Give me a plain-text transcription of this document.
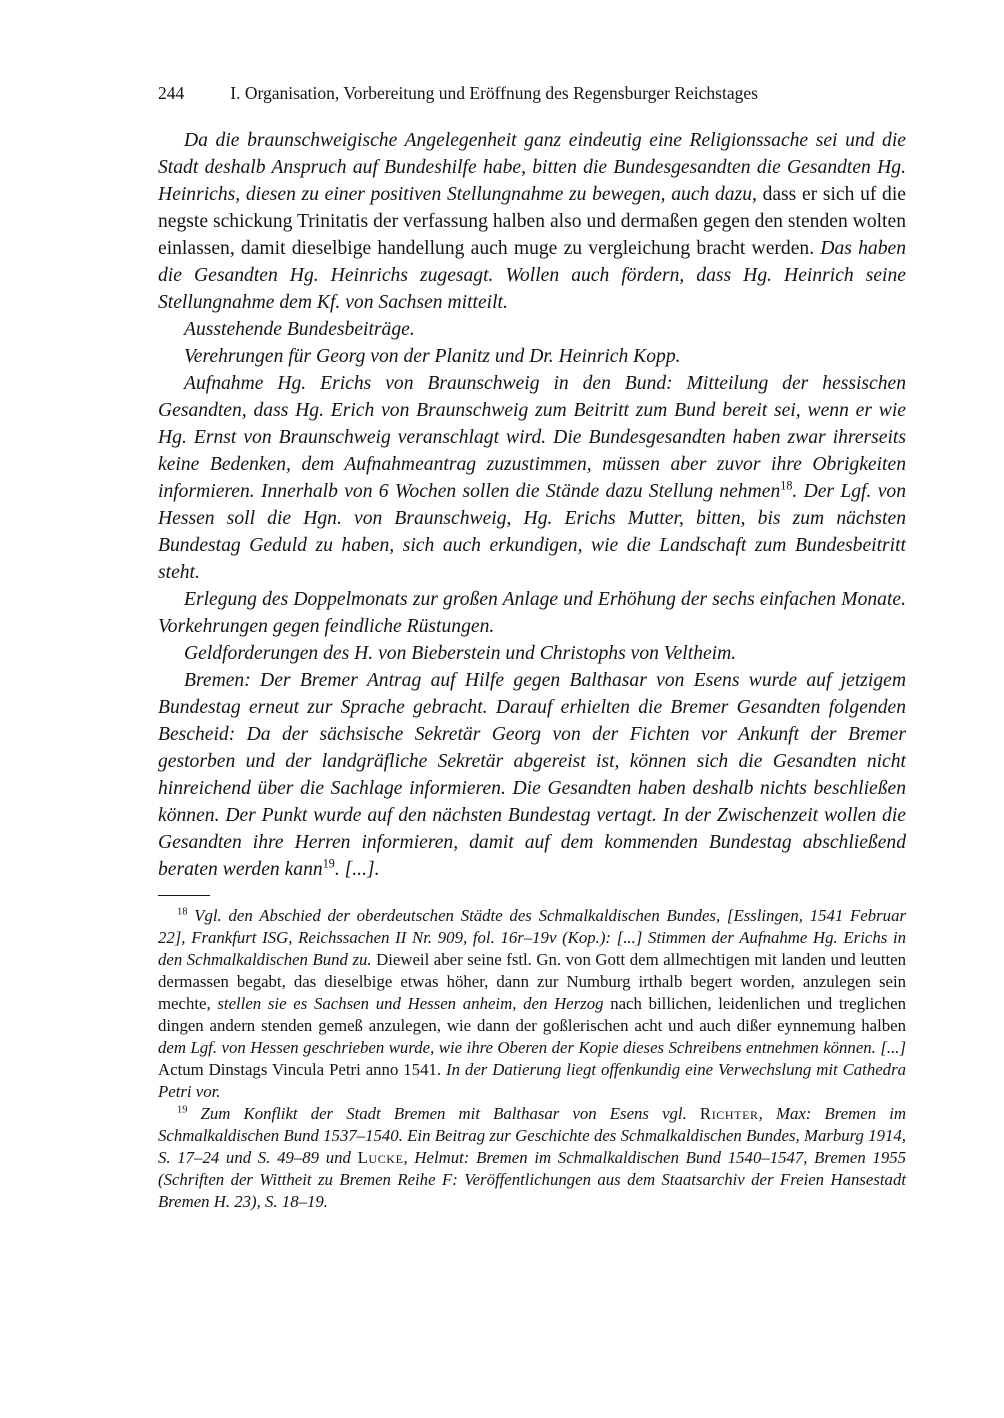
244	I. Organisation, Vorbereitung und Eröffnung des Regensburger Reichstages

Da die braunschweigische Angelegenheit ganz eindeutig eine Religionssache sei und die Stadt deshalb Anspruch auf Bundeshilfe habe, bitten die Bundesgesandten die Gesandten Hg. Heinrichs, diesen zu einer positiven Stellungnahme zu bewegen, auch dazu, dass er sich uf die negste schickung Trinitatis der verfassung halben also und dermaßen gegen den stenden wolten einlassen, damit dieselbige handellung auch muge zu vergleichung bracht werden. Das haben die Gesandten Hg. Heinrichs zugesagt. Wollen auch fördern, dass Hg. Heinrich seine Stellungnahme dem Kf. von Sachsen mitteilt.

Ausstehende Bundesbeiträge.

Verehrungen für Georg von der Planitz und Dr. Heinrich Kopp.

Aufnahme Hg. Erichs von Braunschweig in den Bund: Mitteilung der hessischen Gesandten, dass Hg. Erich von Braunschweig zum Beitritt zum Bund bereit sei, wenn er wie Hg. Ernst von Braunschweig veranschlagt wird. Die Bundesgesandten haben zwar ihrerseits keine Bedenken, dem Aufnahmeantrag zuzustimmen, müssen aber zuvor ihre Obrigkeiten informieren. Innerhalb von 6 Wochen sollen die Stände dazu Stellung nehmen$^{18}$. Der Lgf. von Hessen soll die Hgn. von Braunschweig, Hg. Erichs Mutter, bitten, bis zum nächsten Bundestag Geduld zu haben, sich auch erkundigen, wie die Landschaft zum Bundesbeitritt steht.

Erlegung des Doppelmonats zur großen Anlage und Erhöhung der sechs einfachen Monate. Vorkehrungen gegen feindliche Rüstungen.

Geldforderungen des H. von Bieberstein und Christophs von Veltheim.

Bremen: Der Bremer Antrag auf Hilfe gegen Balthasar von Esens wurde auf jetzigem Bundestag erneut zur Sprache gebracht. Darauf erhielten die Bremer Gesandten folgenden Bescheid: Da der sächsische Sekretär Georg von der Fichten vor Ankunft der Bremer gestorben und der landgräfliche Sekretär abgereist ist, können sich die Gesandten nicht hinreichend über die Sachlage informieren. Die Gesandten haben deshalb nichts beschließen können. Der Punkt wurde auf den nächsten Bundestag vertagt. In der Zwischenzeit wollen die Gesandten ihre Herren informieren, damit auf dem kommenden Bundestag abschließend beraten werden kann$^{19}$. [...].

$^{18}$ Vgl. den Abschied der oberdeutschen Städte des Schmalkaldischen Bundes, [Esslingen, 1541 Februar 22], Frankfurt ISG, Reichssachen II Nr. 909, fol. 16r–19v (Kop.): [...] Stimmen der Aufnahme Hg. Erichs in den Schmalkaldischen Bund zu. Dieweil aber seine fstl. Gn. von Gott dem allmechtigen mit landen und leutten dermassen begabt, das dieselbige etwas höher, dann zur Numburg irthalb begert worden, anzulegen sein mechte, stellen sie es Sachsen und Hessen anheim, den Herzog nach billichen, leidenlichen und treglichen dingen andern stenden gemeß anzulegen, wie dann der goßlerischen acht und auch dißer eynnemung halben dem Lgf. von Hessen geschrieben wurde, wie ihre Oberen der Kopie dieses Schreibens entnehmen können. [...] Actum Dinstags Vincula Petri anno 1541. In der Datierung liegt offenkundig eine Verwechslung mit Cathedra Petri vor.

$^{19}$ Zum Konflikt der Stadt Bremen mit Balthasar von Esens vgl. Richter, Max: Bremen im Schmalkaldischen Bund 1537–1540. Ein Beitrag zur Geschichte des Schmalkaldischen Bundes, Marburg 1914, S. 17–24 und S. 49–89 und Lucke, Helmut: Bremen im Schmalkaldischen Bund 1540–1547, Bremen 1955 (Schriften der Wittheit zu Bremen Reihe F: Veröffentlichungen aus dem Staatsarchiv der Freien Hansestadt Bremen H. 23), S. 18–19.
